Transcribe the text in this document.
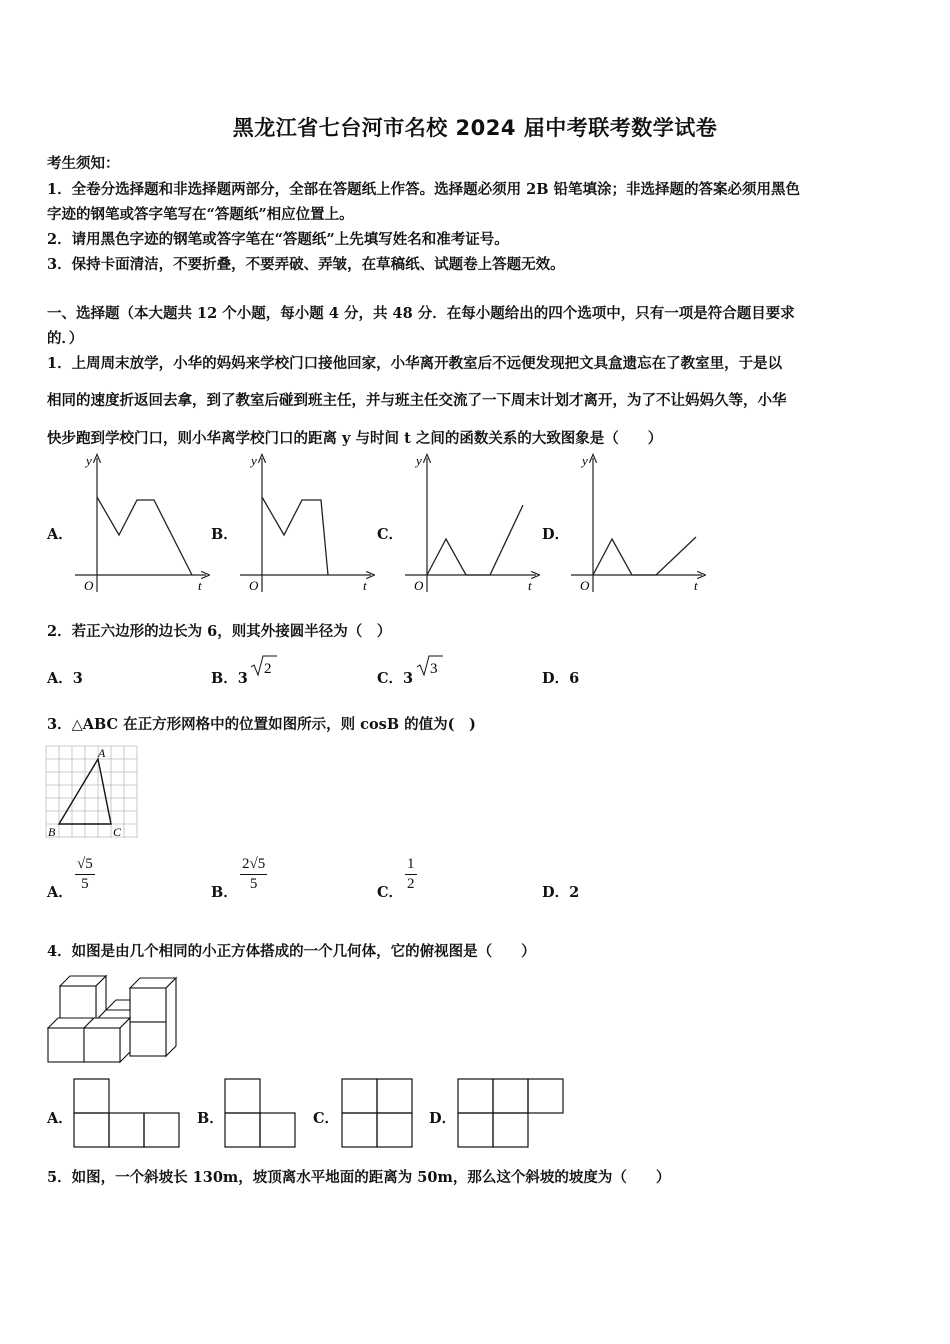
黑龙江省七台河市名校 2024 届中考联考数学试卷
考生须知：
1．全卷分选择题和非选择题两部分，全部在答题纸上作答。选择题必须用 2B 铅笔填涂；非选择题的答案必须用黑色
字迹的钢笔或答字笔写在“答题纸”相应位置上。
2．请用黑色字迹的钢笔或答字笔在“答题纸”上先填写姓名和准考证号。
3．保持卡面清洁，不要折叠，不要弄破、弄皱，在草稿纸、试题卷上答题无效。
一、选择题（本大题共 12 个小题，每小题 4 分，共 48 分．在每小题给出的四个选项中，只有一项是符合题目要求
的．）
1．上周周末放学，小华的妈妈来学校门口接他回家，小华离开教室后不远便发现把文具盒遗忘在了教室里，于是以
相同的速度折返回去拿，到了教室后碰到班主任，并与班主任交流了一下周末计划才离开，为了不让妈妈久等，小华
快步跑到学校门口，则小华离学校门口的距离 y 与时间 t 之间的函数关系的大致图象是（　　）
A．	B．	C．	D．
y
t
O
y
t
O
y
t
O
y
t
O
2．若正六边形的边长为 6，则其外接圆半径为（　）
A．3	B．3
2
C．3
3
D．6
3．△ABC 在正方形网格中的位置如图所示，则 cosB 的值为(　)
A
B	C
A．
√5
5	B．
2√5
5	C．
1
2	D．2
4．如图是由几个相同的小正方体搭成的一个几何体，它的俯视图是（　　）
A．	B．	C．	D．
5．如图，一个斜坡长 130m，坡顶离水平地面的距离为 50m，那么这个斜坡的坡度为（　　）
